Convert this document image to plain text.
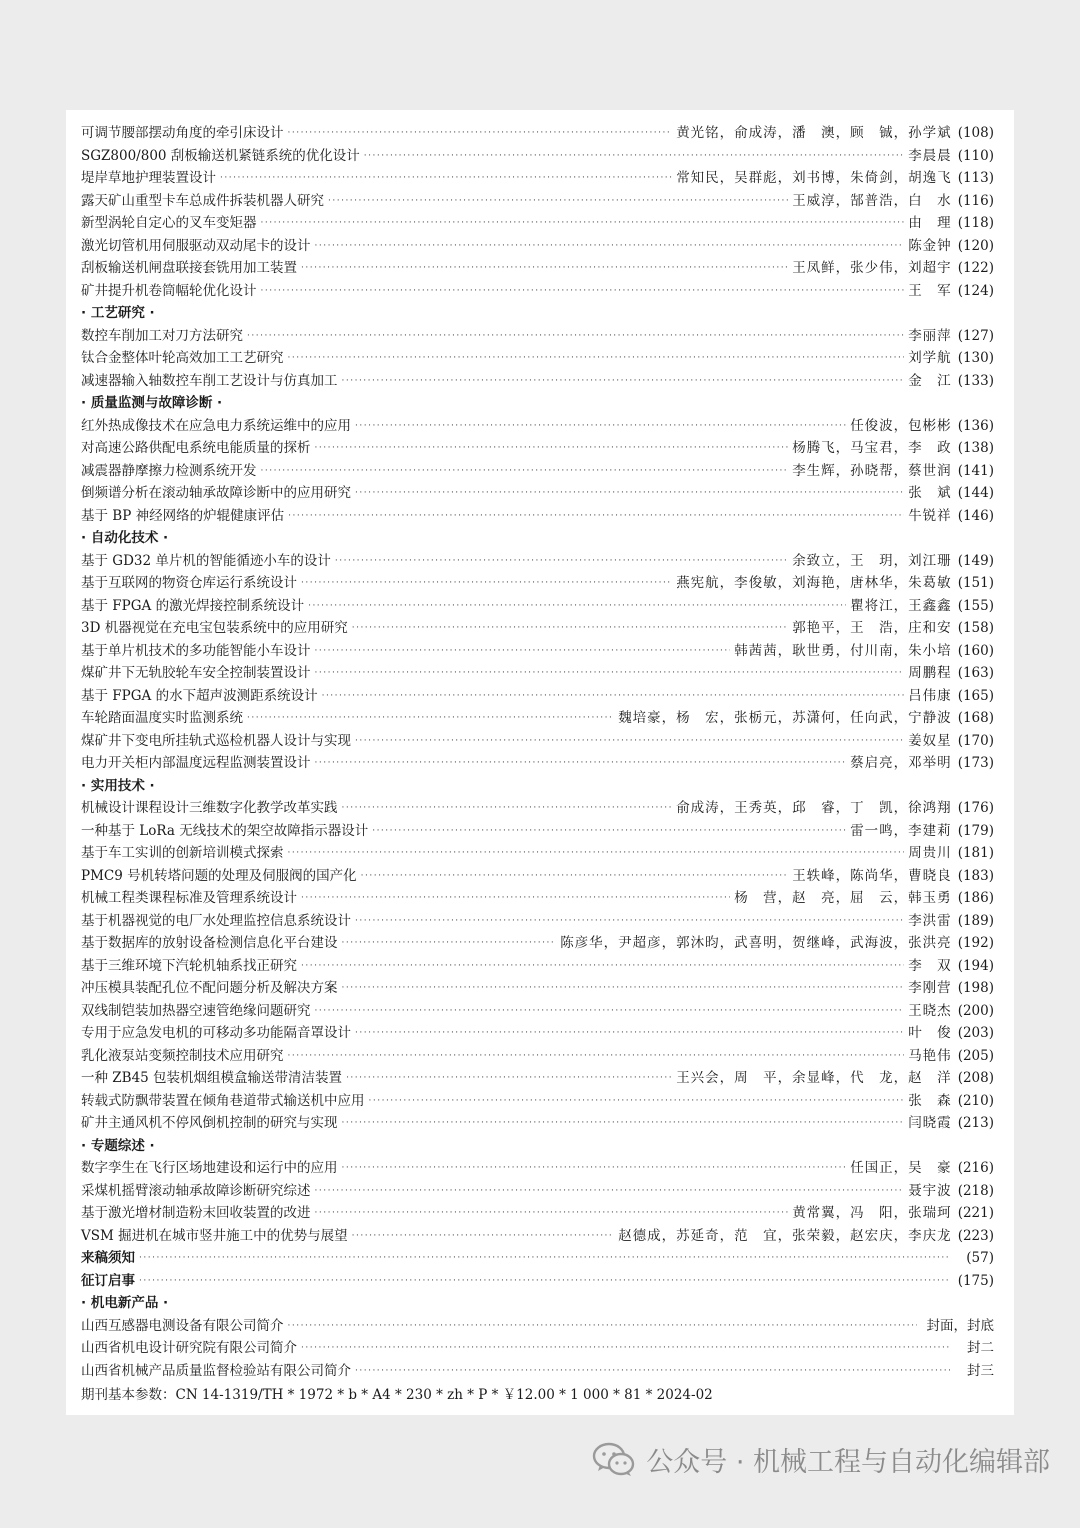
可调节腰部摆动角度的牵引床设计 ·····	黄光铭，俞成涛，潘　澳，顾　铖，孙学斌 (108)
SGZ800/800 刮板输送机紧链系统的优化设计 ·····	李晨晨 (110)
堤岸草地护理装置设计 ·····	常知民，吴群彪，刘书博，朱倚剑，胡逸飞 (113)
露天矿山重型卡车总成件拆装机器人研究 ·····	王威淳，郜普浩，白　水 (116)
新型涡轮自定心的叉车变矩器 ·····	由　理 (118)
激光切管机用伺服驱动双动尾卡的设计 ·····	陈金钟 (120)
刮板输送机闸盘联接套铣用加工装置 ·····	王凤鲜，张少伟，刘超宇 (122)
矿井提升机卷筒幅轮优化设计 ·····	王　军 (124)
· 工艺研究 ·
数控车削加工对刀方法研究 ·····	李丽萍 (127)
钛合金整体叶轮高效加工工艺研究 ·····	刘学航 (130)
减速器输入轴数控车削工艺设计与仿真加工 ·····	金　江 (133)
· 质量监测与故障诊断 ·
红外热成像技术在应急电力系统运维中的应用 ·····	任俊波，包彬彬 (136)
对高速公路供配电系统电能质量的探析 ·····	杨腾飞，马宝君，李　政 (138)
减震器静摩擦力检测系统开发 ·····	李生辉，孙晓帮，蔡世润 (141)
倒频谱分析在滚动轴承故障诊断中的应用研究 ·····	张　斌 (144)
基于 BP 神经网络的炉辊健康评估 ·····	牛锐祥 (146)
· 自动化技术 ·
基于 GD32 单片机的智能循迹小车的设计 ·····	余致立，王　玥，刘江珊 (149)
基于互联网的物资仓库运行系统设计 ·····	燕宪航，李俊敏，刘海艳，唐林华，朱葛敏 (151)
基于 FPGA 的激光焊接控制系统设计 ·····	瞿将江，王鑫鑫 (155)
3D 机器视觉在充电宝包装系统中的应用研究 ·····	郭艳平，王　浩，庄和安 (158)
基于单片机技术的多功能智能小车设计 ·····	韩茜茜，耿世勇，付川南，朱小培 (160)
煤矿井下无轨胶轮车安全控制装置设计 ·····	周鹏程 (163)
基于 FPGA 的水下超声波测距系统设计 ·····	吕伟康 (165)
车轮踏面温度实时监测系统 ·····	魏培豪，杨　宏，张栃元，苏潇何，任向武，宁静波 (168)
煤矿井下变电所挂轨式巡检机器人设计与实现 ·····	姜奴星 (170)
电力开关柜内部温度远程监测装置设计 ·····	蔡启亮，邓举明 (173)
· 实用技术 ·
机械设计课程设计三维数字化教学改革实践 ·····	俞成涛，王秀英，邱　睿，丁　凯，徐鸿翔 (176)
一种基于 LoRa 无线技术的架空故障指示器设计 ·····	雷一鸣，李建莉 (179)
基于车工实训的创新培训模式探索 ·····	周贵川 (181)
PMC9 号机转塔问题的处理及伺服阀的国产化 ·····	王轶峰，陈尚华，曹晓良 (183)
机械工程类课程标准及管理系统设计 ·····	杨　营，赵　亮，屈　云，韩玉勇 (186)
基于机器视觉的电厂水处理监控信息系统设计 ·····	李洪雷 (189)
基于数据库的放射设备检测信息化平台建设 ·····	陈彦华，尹超彦，郭沐昀，武喜明，贺继峰，武海波，张洪亮 (192)
基于三维环境下汽轮机轴系找正研究 ·····	李　双 (194)
冲压模具装配孔位不配问题分析及解决方案 ·····	李刚营 (198)
双线制铠装加热器空速管绝缘问题研究 ·····	王晓杰 (200)
专用于应急发电机的可移动多功能隔音罩设计 ·····	叶　俊 (203)
乳化液泵站变频控制技术应用研究 ·····	马艳伟 (205)
一种 ZB45 包装机烟组模盒输送带清洁装置 ·····	王兴会，周　平，余显峰，代　龙，赵　洋 (208)
转载式防飘带装置在倾角巷道带式输送机中应用 ·····	张　森 (210)
矿井主通风机不停风倒机控制的研究与实现 ·····	闫晓霞 (213)
· 专题综述 ·
数字孪生在飞行区场地建设和运行中的应用 ·····	任国正，吴　豪 (216)
采煤机摇臂滚动轴承故障诊断研究综述 ·····	聂宇波 (218)
基于激光增材制造粉末回收装置的改进 ·····	黄常翼，冯　阳，张瑞珂 (221)
VSM 掘进机在城市竖井施工中的优势与展望 ·····	赵德成，苏延奇，范　宜，张荣毅，赵宏庆，李庆龙 (223)
来稿须知 ·····	(57)
征订启事 ·····	(175)
· 机电新产品 ·
山西互感器电测设备有限公司简介 ·····	封面，封底
山西省机电设计研究院有限公司简介 ·····	封二
山西省机械产品质量监督检验站有限公司简介 ·····	封三
期刊基本参数：CN 14-1319/TH * 1972 * b * A4 * 230 * zh * P * ￥12.00 * 1 000 * 81 * 2024-02
公众号 · 机械工程与自动化编辑部
